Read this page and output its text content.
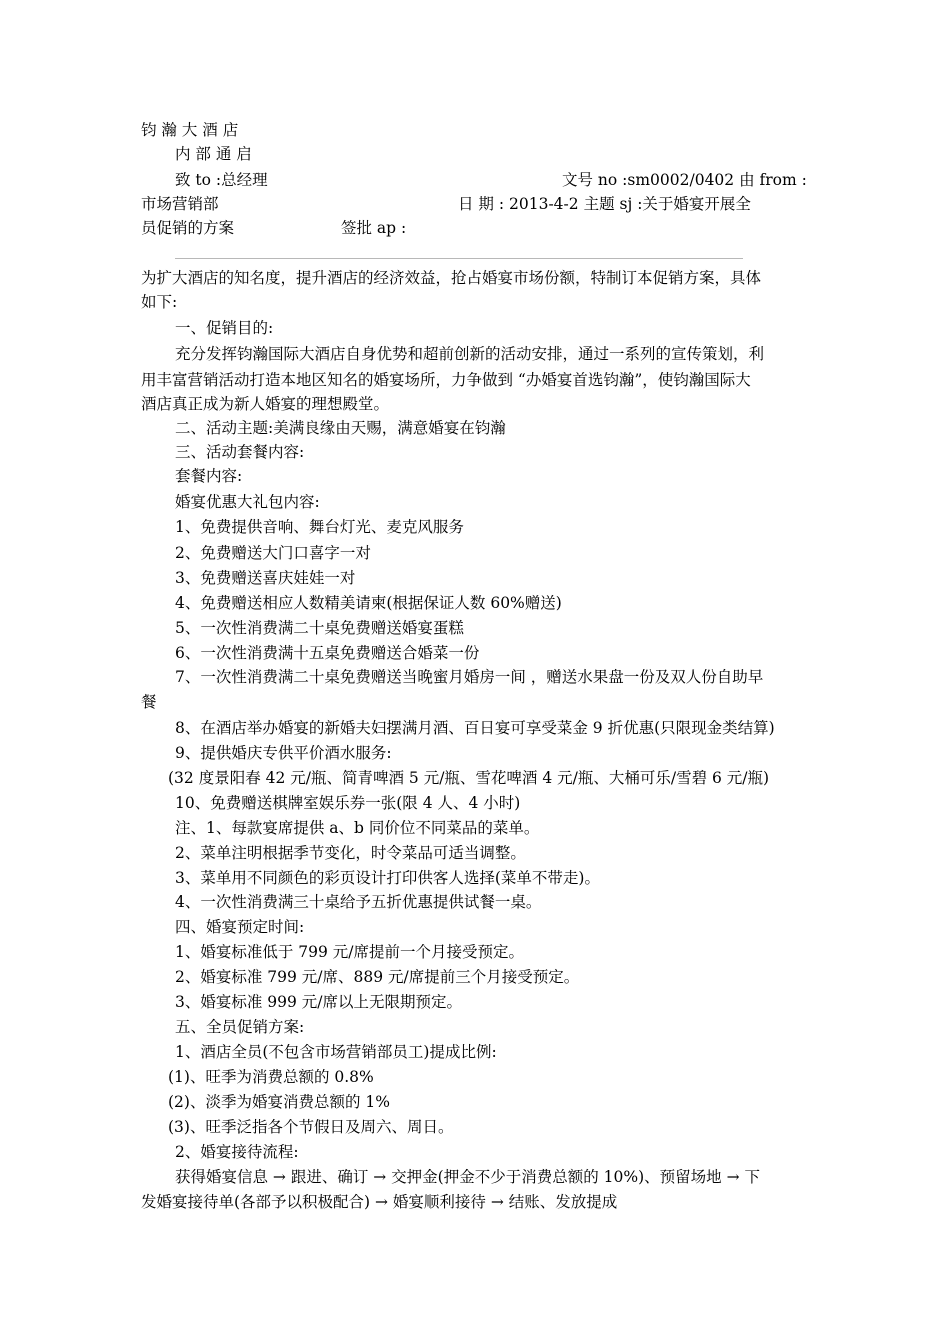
钧 瀚 大 酒 店
内 部 通 启
致 to :总经理	文号 no :sm0002/0402 由 from :
市场营销部	日 期 : 2013-4-2 主题 sj :关于婚宴开展全
员促销的方案	签批 ap :
为扩大酒店的知名度，提升酒店的经济效益，抢占婚宴市场份额，特制订本促销方案，具体
如下:
一、促销目的:
充分发挥钧瀚国际大酒店自身优势和超前创新的活动安排，通过一系列的宣传策划，利
用丰富营销活动打造本地区知名的婚宴场所，力争做到 “办婚宴首选钧瀚”，使钧瀚国际大
酒店真正成为新人婚宴的理想殿堂。
二、活动主题:美满良缘由天赐，满意婚宴在钧瀚
三、活动套餐内容:
套餐内容:
婚宴优惠大礼包内容:
1、免费提供音响、舞台灯光、麦克风服务
2、免费赠送大门口喜字一对
3、免费赠送喜庆娃娃一对
4、免费赠送相应人数精美请柬(根据保证人数 60%赠送)
5、一次性消费满二十桌免费赠送婚宴蛋糕
6、一次性消费满十五桌免费赠送合婚菜一份
7、一次性消费满二十桌免费赠送当晚蜜月婚房一间 ，赠送水果盘一份及双人份自助早
餐
8、在酒店举办婚宴的新婚夫妇摆满月酒、百日宴可享受菜金 9 折优惠(只限现金类结算)
9、提供婚庆专供平价酒水服务:
(32 度景阳春 42 元/瓶、简青啤酒 5 元/瓶、雪花啤酒 4 元/瓶、大桶可乐/雪碧 6 元/瓶)
10、免费赠送棋牌室娱乐券一张(限 4 人、4 小时)
注、1、每款宴席提供 a、b 同价位不同菜品的菜单。
2、菜单注明根据季节变化，时令菜品可适当调整。
3、菜单用不同颜色的彩页设计打印供客人选择(菜单不带走)。
4、一次性消费满三十桌给予五折优惠提供试餐一桌。
四、婚宴预定时间:
1、婚宴标准低于 799 元/席提前一个月接受预定。
2、婚宴标准 799 元/席、889 元/席提前三个月接受预定。
3、婚宴标准 999 元/席以上无限期预定。
五、全员促销方案:
1、酒店全员(不包含市场营销部员工)提成比例:
(1)、旺季为消费总额的 0.8%
(2)、淡季为婚宴消费总额的 1%
(3)、旺季泛指各个节假日及周六、周日。
2、婚宴接待流程:
获得婚宴信息 → 跟进、确订 → 交押金(押金不少于消费总额的 10%)、预留场地 → 下
发婚宴接待单(各部予以积极配合) → 婚宴顺利接待 → 结账、发放提成
